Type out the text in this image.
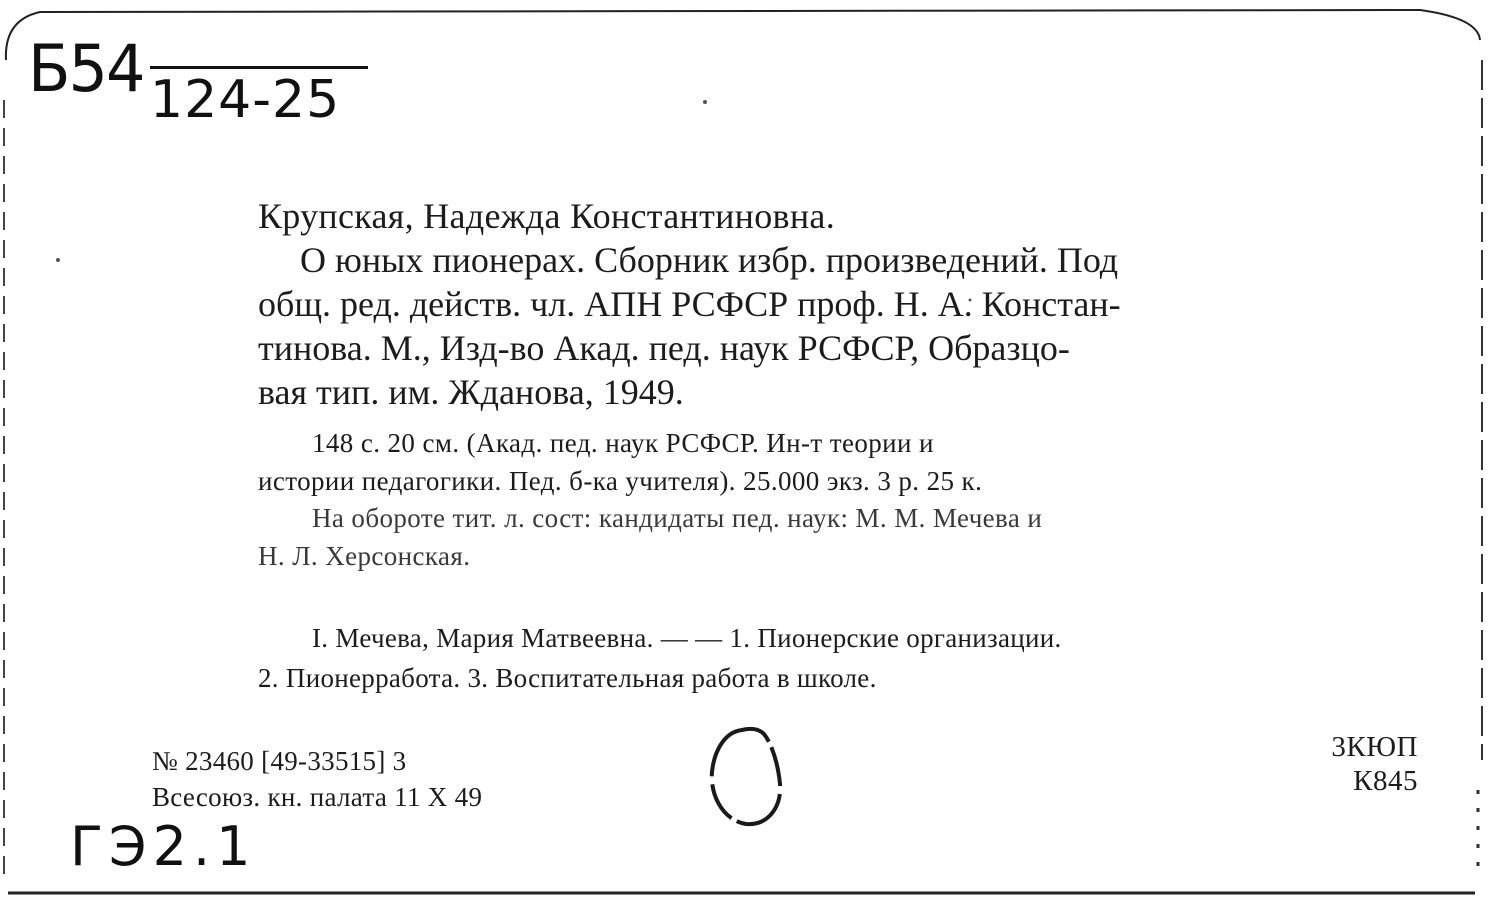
Б54 124-25
Крупская, Надежда Константиновна.
О юных пионерах. Сборник избр. произведений. Под
общ. ред. действ. чл. АПН РСФСР проф. Н. А. Констан-
тинова. М., Изд-во Акад. пед. наук РСФСР, Образцо-
вая тип. им. Жданова, 1949.
148 с. 20 см. (Акад. пед. наук РСФСР. Ин-т теории и
истории педагогики. Пед. б-ка учителя). 25.000 экз. 3 р. 25 к.
На обороте тит. л. сост: кандидаты пед. наук: М. М. Мечева и
Н. Л. Херсонская.
I. Мечева, Мария Матвеевна. — — 1. Пионерские организации.
2. Пионерработа. 3. Воспитательная работа в школе.
№ 23460 [49-33515] 3
Всесоюз. кн. палата 11 X 49
3КЮП
К845
ГЭ2.1
